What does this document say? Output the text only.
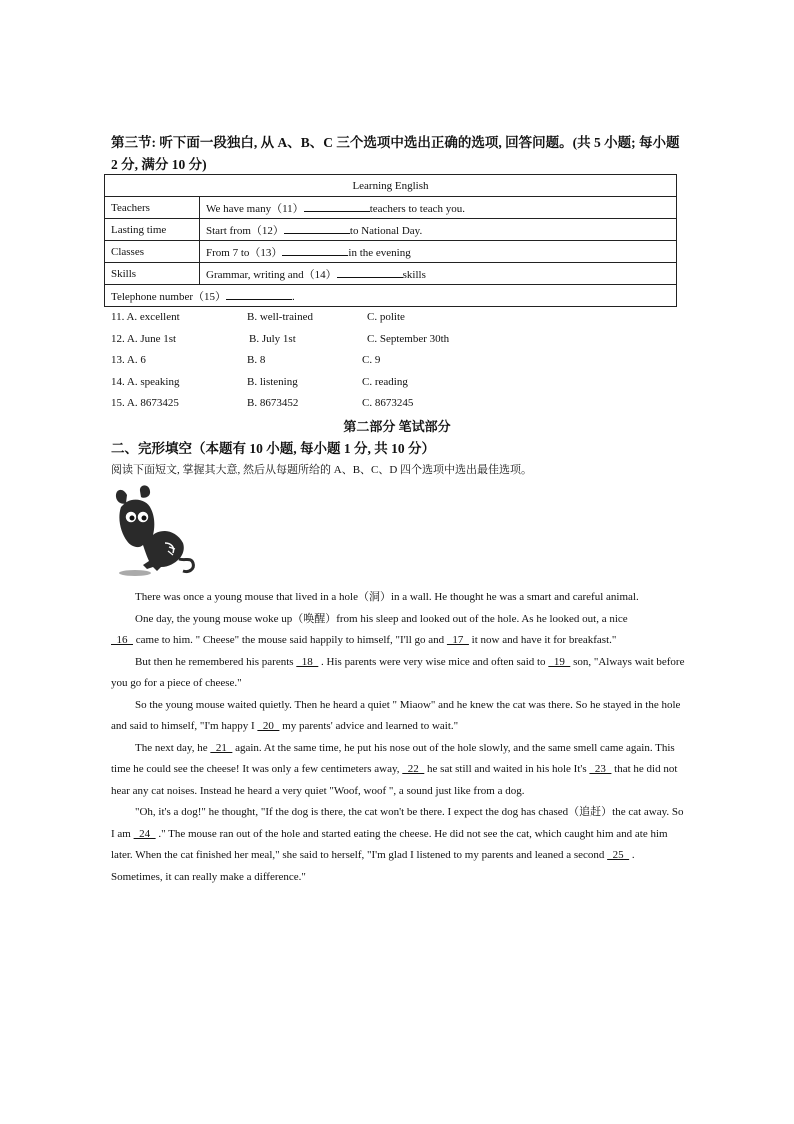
第三节: 听下面一段独白, 从 A、B、C 三个选项中选出正确的选项, 回答问题。(共 5 小题; 每小题 2 分, 满分 10 分)
Learning English	
Teachers	We have many（11） teachers to teach you.
Lasting time	Start from（12） to National Day.
Classes	From 7 to（13） in the evening
Skills	Grammar, writing and（14） skills
Telephone number（15） .	
11. A. excellent	B. well-trained	C. polite
12. A. June 1st	B. July 1st	C. September 30th
13. A. 6	B. 8	C. 9
14. A. speaking	B. listening	C. reading
15. A. 8673425	B. 8673452	C. 8673245
第二部分 笔试部分
二、完形填空（本题有 10 小题, 每小题 1 分, 共 10 分）
阅读下面短文, 掌握其大意, 然后从每题所给的 A、B、C、D 四个选项中选出最佳选项。

There was once a young mouse that lived in a hole（洞）in a wall. He thought he was a smart and careful animal.

One day, the young mouse woke up（唤醒）from his sleep and looked out of the hole. As he looked out, a nice

16   came to him. " Cheese" the mouse said happily to himself, "I'll go and   17   it now and have it for breakfast."

But then he remembered his parents   18   . His parents were very wise mice and often said to   19   son, "Always wait before you go for a piece of cheese."

So the young mouse waited quietly. Then he heard a quiet " Miaow" and he knew the cat was there. So he stayed in the hole and said to himself, "I'm happy I   20   my parents' advice and learned to wait."

The next day, he   21   again. At the same time, he put his nose out of the hole slowly, and the same smell came again. This time he could see the cheese! It was only a few centimeters away,   22   he sat still and waited in his hole It's   23   that he did not hear any cat noises. Instead he heard a very quiet "Woof, woof ", a sound just like from a dog.

"Oh, it's a dog!" he thought, "If the dog is there, the cat won't be there. I expect the dog has chased（追赶）the cat away. So I am   24   ." The mouse ran out of the hole and started eating the cheese. He did not see the cat, which caught him and ate him later. When the cat finished her meal," she said to herself, "I'm glad I listened to my parents and leaned a second   25   . Sometimes, it can really make a difference."
